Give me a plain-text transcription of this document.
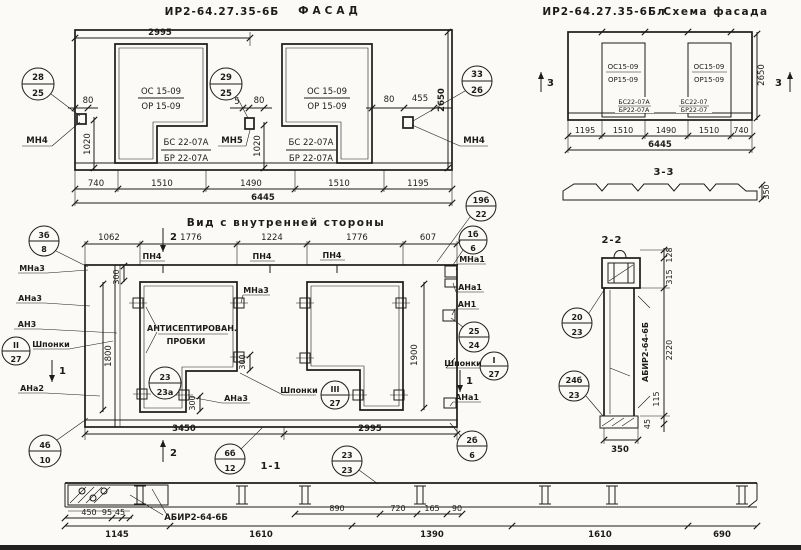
ИР2-64.27.35-6Б ФАСАД
ОС 15-09
ОР 15-09
ОС 15-09
ОР 15-09
БС 22-07А
БР 22-07А
БС 22-07А
БР 22-07А
2995
80
1020
5 80
1020
80 455 2650
740	1510	1490	1510	1195
6445
28
25
29
25
33
26
МН4	МН5	МН4
ИР2-64.27.35-6Бл
Схема фасада
ОС15-09
ОР15-09
ОС15-09
ОР15-09
БС22-07А
БР22-07А
БС22-07
БР22-07
3	3
1195 1510	1490	1510 740
6445
2650
3-3
350
Вид с внутренней стороны
ПН4	ПН4	ПН4
1062	1776	1224	1776	607
2
2
1
1
АНТИСЕПТИРОВАН.
ПРОБКИ
МНа3
АНа3
МНа3
АНа3
АН3
II
27
Шпонки
АНа2
МНа1
АНа1
АН1
Шпонки
АНа1
Шпонки III
27
I
27
300
300
300
1800	1900
3450	2995
3б
8
19б
22
1б
6
25
24
23
23а
4б
10
6б
12
23
23
2б
6
1-1
450 95 45
АБИР2-64-6Б
890	720 165 90
1145	1610	1390	1610	690
2-2
АБИР2-64-6Б
128
315
2220
115
45
350
20
23
24б
23
